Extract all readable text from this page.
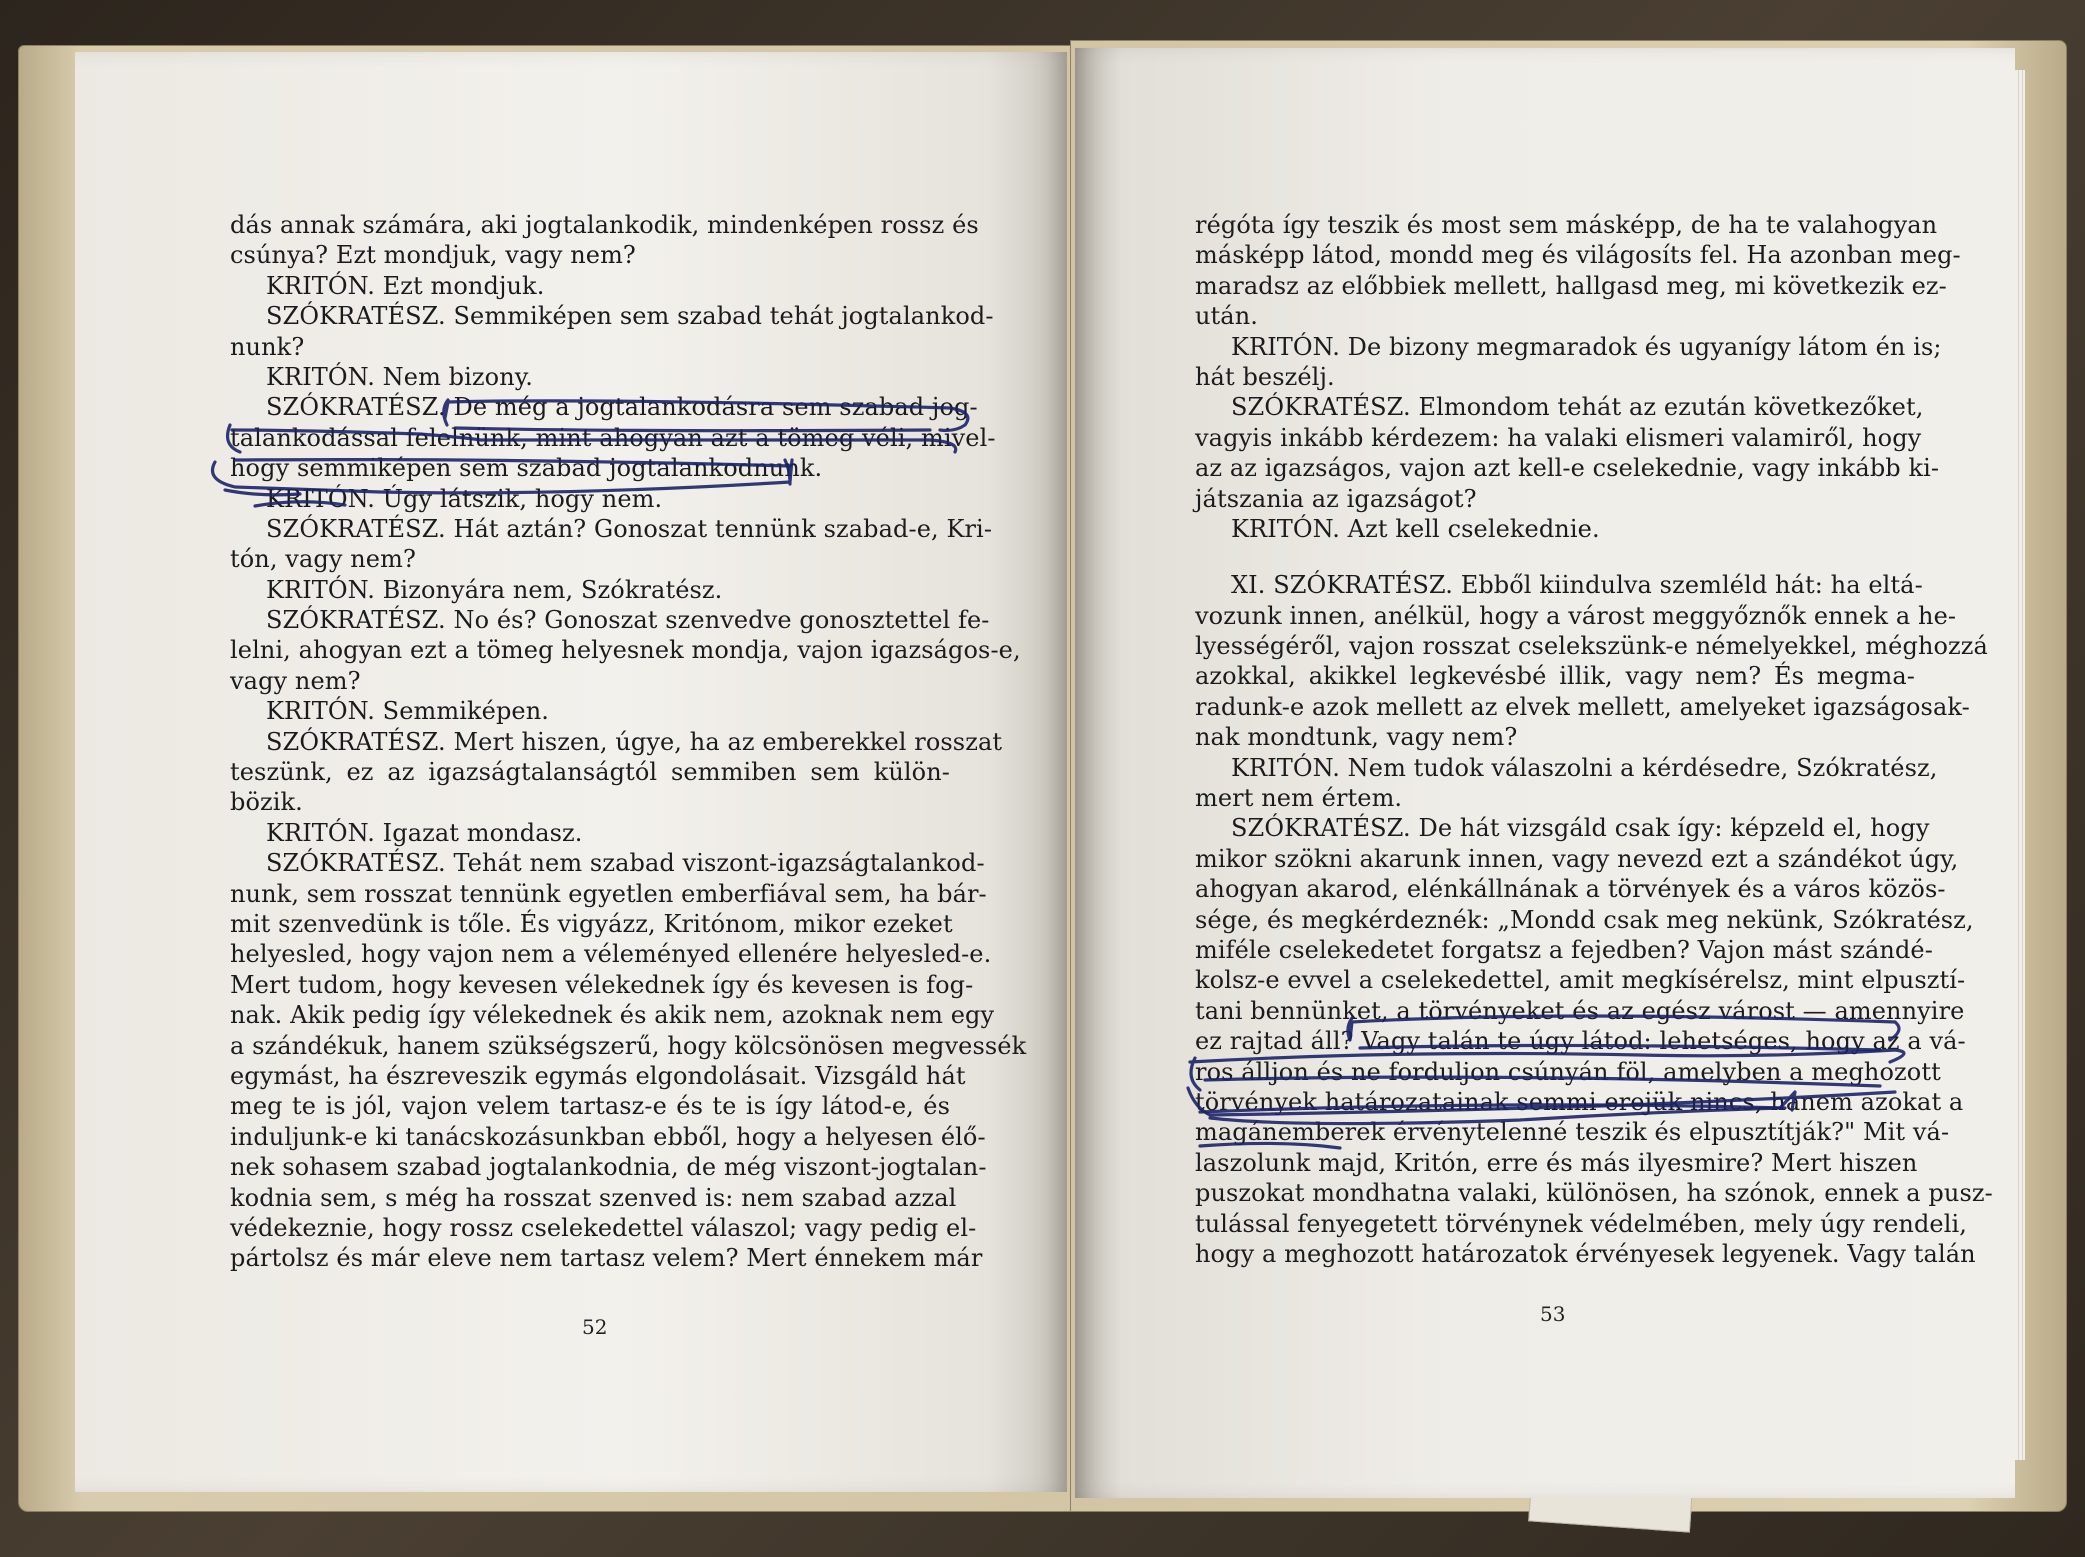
dás annak számára, aki jogtalankodik, mindenképen rossz és
csúnya? Ezt mondjuk, vagy nem?
KRITÓN. Ezt mondjuk.
SZÓKRATÉSZ. Semmiképen sem szabad tehát jogtalankod-
nunk?
KRITÓN. Nem bizony.
SZÓKRATÉSZ. De még a jogtalankodásra sem szabad jog-
talankodással felelnünk, mint ahogyan azt a tömeg véli, mivel-
hogy semmiképen sem szabad jogtalankodnunk.
KRITÓN. Úgy látszik, hogy nem.
SZÓKRATÉSZ. Hát aztán? Gonoszat tennünk szabad-e, Kri-
tón, vagy nem?
KRITÓN. Bizonyára nem, Szókratész.
SZÓKRATÉSZ. No és? Gonoszat szenvedve gonosztettel fe-
lelni, ahogyan ezt a tömeg helyesnek mondja, vajon igazságos-e,
vagy nem?
KRITÓN. Semmiképen.
SZÓKRATÉSZ. Mert hiszen, úgye, ha az emberekkel rosszat
teszünk, ez az igazságtalanságtól semmiben sem külön-
bözik.
KRITÓN. Igazat mondasz.
SZÓKRATÉSZ. Tehát nem szabad viszont-igazságtalankod-
nunk, sem rosszat tennünk egyetlen emberfiával sem, ha bár-
mit szenvedünk is tőle. És vigyázz, Kritónom, mikor ezeket
helyesled, hogy vajon nem a véleményed ellenére helyesled-e.
Mert tudom, hogy kevesen vélekednek így és kevesen is fog-
nak. Akik pedig így vélekednek és akik nem, azoknak nem egy
a szándékuk, hanem szükségszerű, hogy kölcsönösen megvessék
egymást, ha észreveszik egymás elgondolásait. Vizsgáld hát
meg te is jól, vajon velem tartasz-e és te is így látod-e, és
induljunk-e ki tanácskozásunkban ebből, hogy a helyesen élő-
nek sohasem szabad jogtalankodnia, de még viszont-jogtalan-
kodnia sem, s még ha rosszat szenved is: nem szabad azzal
védekeznie, hogy rossz cselekedettel válaszol; vagy pedig el-
pártolsz és már eleve nem tartasz velem? Mert énnekem már
régóta így teszik és most sem másképp, de ha te valahogyan
másképp látod, mondd meg és világosíts fel. Ha azonban meg-
maradsz az előbbiek mellett, hallgasd meg, mi következik ez-
után.
KRITÓN. De bizony megmaradok és ugyanígy látom én is;
hát beszélj.
SZÓKRATÉSZ. Elmondom tehát az ezután következőket,
vagyis inkább kérdezem: ha valaki elismeri valamiről, hogy
az az igazságos, vajon azt kell-e cselekednie, vagy inkább ki-
játszania az igazságot?
KRITÓN. Azt kell cselekednie.
XI. SZÓKRATÉSZ. Ebből kiindulva szemléld hát: ha eltá-
vozunk innen, anélkül, hogy a várost meggyőznők ennek a he-
lyességéről, vajon rosszat cselekszünk-e némelyekkel, méghozzá
azokkal, akikkel legkevésbé illik, vagy nem? És megma-
radunk-e azok mellett az elvek mellett, amelyeket igazságosak-
nak mondtunk, vagy nem?
KRITÓN. Nem tudok válaszolni a kérdésedre, Szókratész,
mert nem értem.
SZÓKRATÉSZ. De hát vizsgáld csak így: képzeld el, hogy
mikor szökni akarunk innen, vagy nevezd ezt a szándékot úgy,
ahogyan akarod, elénkállnának a törvények és a város közös-
sége, és megkérdeznék: „Mondd csak meg nekünk, Szókratész,
miféle cselekedetet forgatsz a fejedben? Vajon mást szándé-
kolsz-e evvel a cselekedettel, amit megkísérelsz, mint elpusztí-
tani bennünket, a törvényeket és az egész várost — amennyire
ez rajtad áll? Vagy talán te úgy látod: lehetséges, hogy az a vá-
ros álljon és ne forduljon csúnyán föl, amelyben a meghozott
törvények határozatainak semmi erejük nincs, hanem azokat a
magánemberek érvénytelenné teszik és elpusztítják?" Mit vá-
laszolunk majd, Kritón, erre és más ilyesmire? Mert hiszen
puszokat mondhatna valaki, különösen, ha szónok, ennek a pusz-
tulással fenyegetett törvénynek védelmében, mely úgy rendeli,
hogy a meghozott határozatok érvényesek legyenek. Vagy talán
52
53
